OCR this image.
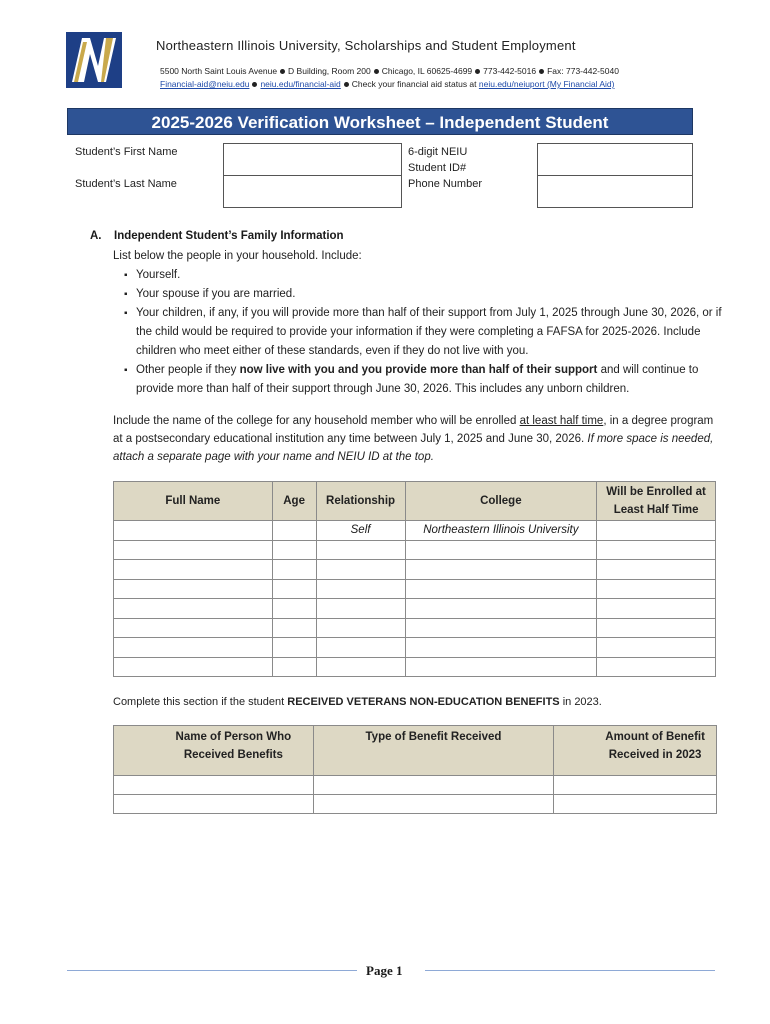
Northeastern Illinois University, Scholarships and Student Employment
5500 North Saint Louis Avenue D Building, Room 200 Chicago, IL 60625-4699 773-442-5016 Fax: 773-442-5040
Financial-aid@neiu.edu neiu.edu/financial-aid Check your financial aid status at neiu.edu/neiuport (My Financial Aid)
2025-2026 Verification Worksheet – Independent Student
Student’s First Name
Student’s Last Name
6-digit NEIU
Student ID#
Phone Number
A. Independent Student’s Family Information
List below the people in your household. Include:
▪ Yourself.
▪ Your spouse if you are married.
▪ Your children, if any, if you will provide more than half of their support from July 1, 2025 through June 30, 2026, or if the child would be required to provide your information if they were completing a FAFSA for 2025-2026. Include children who meet either of these standards, even if they do not live with you.
▪ Other people if they now live with you and you provide more than half of their support and will continue to provide more than half of their support through June 30, 2026. This includes any unborn children.
Include the name of the college for any household member who will be enrolled at least half time, in a degree program at a postsecondary educational institution any time between July 1, 2025 and June 30, 2026. If more space is needed, attach a separate page with your name and NEIU ID at the top.
Full Name	Age	Relationship	College	Will be Enrolled at Least Half Time
		Self	Northeastern Illinois University	

Complete this section if the student RECEIVED VETERANS NON-EDUCATION BENEFITS in 2023.
Name of Person Who Received Benefits	Type of Benefit Received	Amount of Benefit Received in 2023

Page 1
